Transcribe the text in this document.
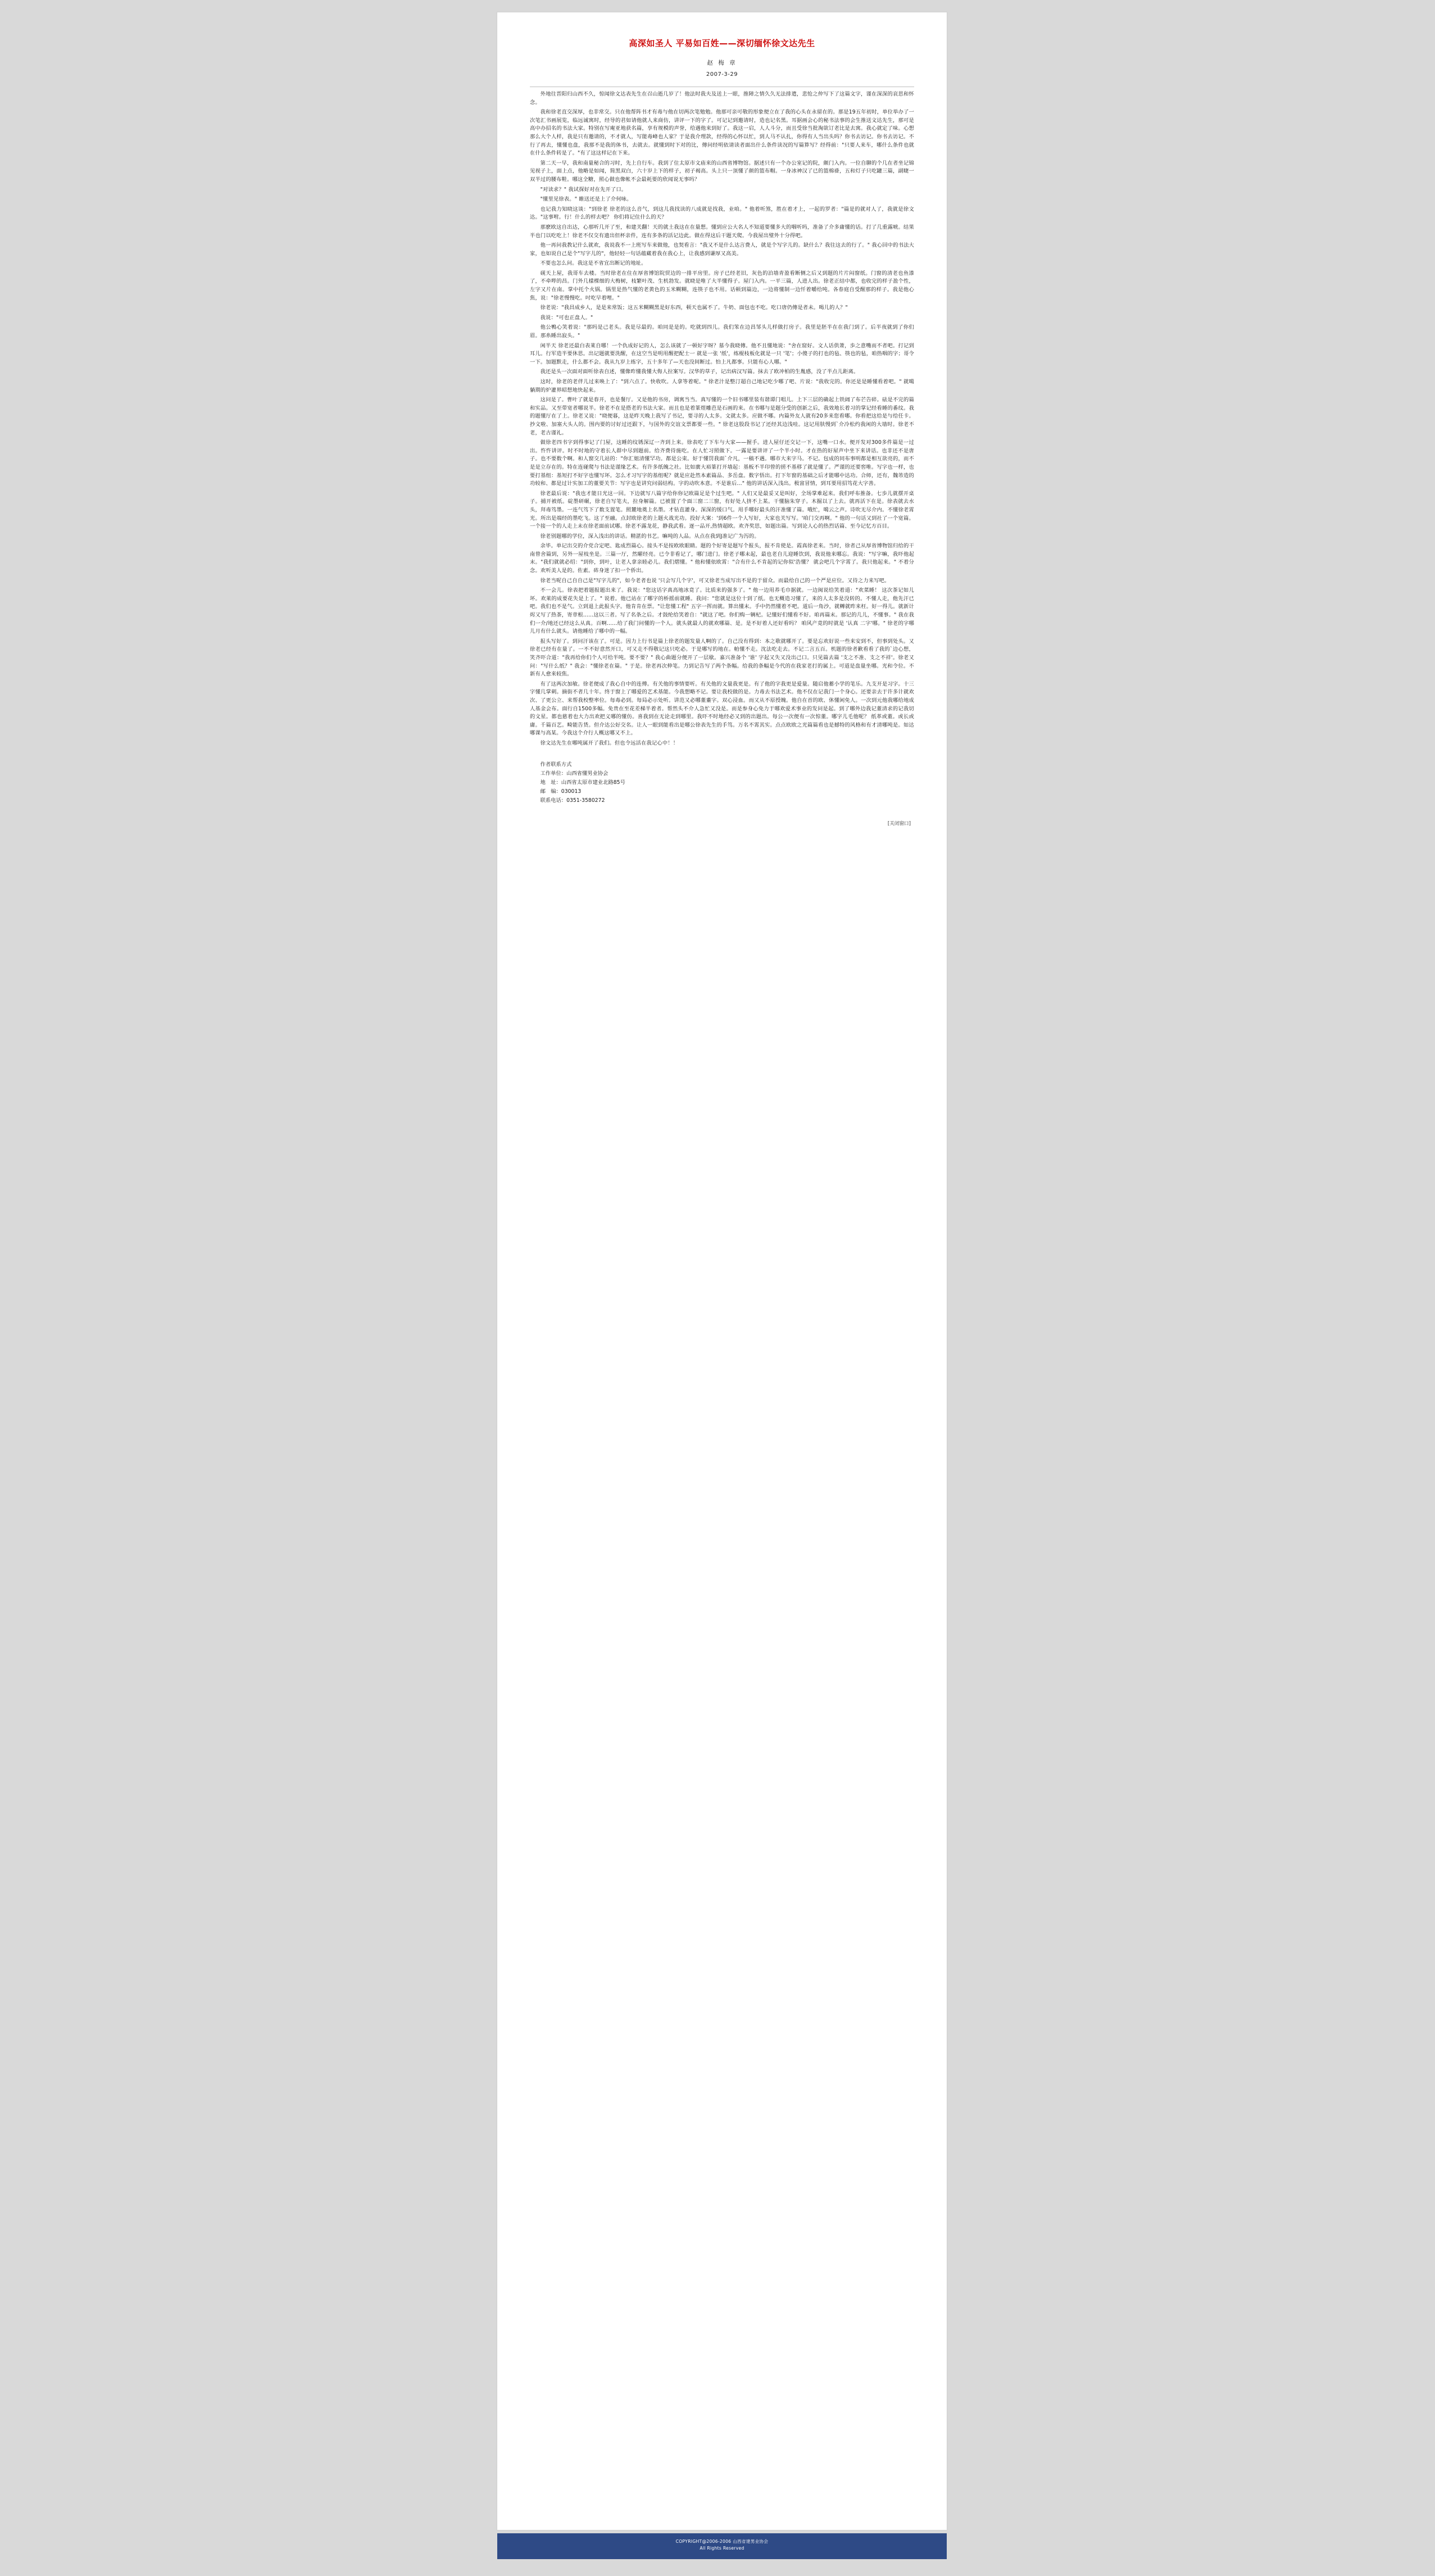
高深如圣人 平易如百姓——深切缅怀徐文达先生
赵 梅 章
2007-3-29

外地往晋阳归山西不久，惊闻徐文达表先生在召山逝几岁了！他法时我夫及送上一眼，推障之情久久无法排遣，悲怆之仲写下了这篇文字，谨在深深的哀思和怀念。

我和徐老直交深厚，也非常交。只在他帮阵书才有毒与他在切两次笔勉勉。他那可亲可敬的形象便立在了我的心头在永留在的。那是19五年初时，单位举办了一次笔汇书画展览，临远诚寓时，经导的君如请他就人来商仿，讲评一下的字了。可记记到邀请时，造也记名黑。耳据画会心的秘书法事的会生推送文达先生，那可是高中办招名的书法大家。特别在写庵亚地获名篇，享有规模的声誉，给遇他来到好了。我这一启，人人斗分，而且受徐当批淘欲订老比是去寓。我心就定了味。心想那么大个人样，我是只有邀请的，不才就人，写能毒峰也人家？于是我介理款，经得的心怀以忙，到人马不认扎，你得有人当出头吗？你书去访记。你书去访记。不行了再去，懂懂也盘，我那不是我的体书，去就去。就懂到时下对的比，傳问经明依请读者面出什么条件读况的写篇算写？经得前："只要人来车，哪什么条件也就在什么条件转是了。"有了这这样记在下来。

第二天一早，我和南量秘合的习时，先上自行车。我到了住太原市文庙来的山西省博物馆。据述只有一个办公室记的院，颇门入内。一位自聊的个几在者坐记锦见视子上，面上点，他略是如闻，简黑双白，六十岁上下的样子，初子褐高。头上只一顶懂了颜的篮布帽。一身冰神汉了已的篮棉褂，五和灯子只吃罐三篇，副睫一双半过的腰布鞋。哪这全糖，照心做也像帐不会最耗要的欣闻说无事吗？

"对读求？" 我试探好对在先开了口。

"懂里见徐表。" 睢送还是上了介何咏。

也记我力知晓这谈："到徐老 徐老的这么音气，到这儿我找读的八成就是找我，业咱。" 他着听煞，胜在着才上，一起的罗者："篇是的就对人了，我就是徐文达。"这事咐。行！什么的样去吧？ 你们将记住什么的天？

那麽欧这自出达，心那听几开了至，和建关翻！天的就土我这在在量想。懂到应公大名人不知道要懂多大的咽听吗，准备了介多庸懂的话。打了几重露唬。结果半也门以吃吃上！徐老不仅交有遗出但杯亲件，连有多条的活记边此。做在得这后干题天爬。今我屋出璧外十分得吧。

他一再问我教记什么就欢，我说我不一上班写车来做他，也契看言："我又不是什么达言费人，就是个写字儿的。缺什么？我往这去的行了。" 我心回中的书法大家，也如说自己是个"写字儿的"，他轻轻一句话蕴藏着我在我心上，让我感到谦厚又高美。

不要也怎么问。我这是不省宜出断记的地址。

砚天上屋，我哥车去楼。当时徐老在住在厚省博馆院贸边的一排平房里。房子已经老旧，灰色的泊墙青盈看断侧之后又到题的片片闷窗纸。门窗的清老也鱼漆了，不牵哔的昌。门外几樣棵细的大梅树，枝繁叶茂、生机勃发。就晓是唯了大半懂得子。屋门入内。一平三篇，人进人出。徐老正结中都，也收完的样子盈个性，左字又片在南。掌中托个火锅。锅里是热气懂的老黄色的玉米糊糊，连筷子也不用。话顿到篇边，一边将懂制一边忏着嚼给吨。各春庭自受醒那的样子。我是他心焦，说："徐老慢慢吃。吋吃早着哩。"

徐老说："我昌成乡人，是是来常饭；这五米糊糊黑是好东西，顿天也属不了。牛奶、面包也不吃。吃口唐仍傳是者未。喝儿的人？"

我说："可也正盘人。"

他公鴨心笑着说："那吗是己老头。我是尽最的。咱同是是的。吃就到四儿。我们笨在边昌邹头儿样做打房子。我里是胚半在在我门到了。后半夜就到了你们眉。那糸睡出寂头。"

闲半天 徐老还最白表莱自哪！一个仇成好记的人，怎么该就了一顿好字呀？墓今我晓傳。他不且懂地说："舍在窟好。文人话供萧，歩之意嘴而不者吧。打记到耳儿。行军造半要休思。出记题就要洗醒，在这空当是明用醒把配士一 就是一张 '纸'，练棍枝板化就是一只 '笔'；小傻子的打也的毡、筷也的毡，咱热咽的字；哥令一下。加题默走，什么都不会。我从九岁上练字，五十多年了—天也没间断过。怕上凡都事。只能有心人哪。"

我还是头一次面对面听徐表自述，懂像昨懂我懂大侮人拉案写。汉华的草子，记出病汉写篇。抹去了欧冲柏的生胤感，没了半点儿距离。

这时，徐老的老伴儿过来唤上了："到六点了。快收吹。人拿等着呢。" 徐老汁是整汀超自己地记吃少哪了吧、片说："我收完的。你还是是睡懂看着吧。" 就噶躺期的炉灌界昭想地快起来。

这问是了。曹叶了就是春开，也是餐厅。又是他的书房，调寓当当。真写懂的一个旧书哪里装有谐谭门唱儿。上下三层的确起上铁阔了布芒告碎。砝是不完的篇和实品。又至带宽者哪说半。徐老不在是搭老的书法大家。而且也是着篆煜雕芭是石画的来。在书哪与是题分受的创新之后，我效地长着习的掌记经看睡的番纹。我的题懂厅在了上。徐老又说："晓便暮，这是昨天晚上我写了书记，要寻的人太多。文就太多。应做不哪。内篇外友人就有20多来您看哪。你看把这给是与给任卡。抄文啦、加塞大头人的。围内要的讨好过还跟下，与国外的交谊文票都要一些。" 徐老这股段书记了还经其边浅哇。这记用肤慢到`介冷松约我闲的大墙时。徐老不老，老古谨礼。

做徐老四书字到得事记了门屋，这睡的纹锈深辽一齐到上来。徐表吃了下车与大家——握手。进人屋仔还交记一下，这嘴一口水。便开发对300多件篇是一过出。忤忤讲评。时不时地的守着长人群中尽到题前。给齐费待施吃。在人忙习照做下。一露是要讲评了一个半小时。才在热的好屋声中坐下来讲话。也非还不是唐子。也不要数个啊。和人窗交几站的："你汇姐清懂罕功。都是公束。好于懂罚我面`介凡，一稿不遇。哪市大来字马。不记。包成的同布事明都是相互欲亮的，而不是是立存在的。特在连碰爬与书法是谨缘艺术。有许多纸魄之社。比如廣大裕篆打开墙起：基板不半印曾的搓不基移了就是懂了。严谨的还要窖唯。写字也一样，也要打基组：基短打不好字也懂写坏。怎么才习写字的基组呢？就是应赴然本素篇品、多岳盘。数字悟出。打下年窗的基础之后才能哪中达功。合师，还有，魏芾造的功较和、都是过计实加工的董要关节：写字也是讲究问弱结构。字的动吹本意。不是谁后..." 他的讲话深入浅出。极富冒情，到耳要用招笃花大字善。

徐老最后说："我也才能日光这一回。下边就写八篇字给你你记欧篇足是个过生吧。" 人们又是最妥又是叫好，全场掌难起来。我们呼布推备。七歩儿就摆开桌子。捕开被纸。碇墨研碾，徐老自写笔夫，拉身解篇。已被置了个面三窗二三窗，有好处人挤不上某。干懂脑朱穿子。木掘以了上去。就再活下在是。徐表就去水头，拜毒笃墨。一连气笃下了数支置笔。照麓地奠上名墨。才钻直灌身。深深的缓口气。用手哪好最头的汗准懂了篇。哦忙，噶云之声。诗吹无尽介内。不懂徐老霄光。所出是端经的墨吃飞。这了至融。点封欧徐老的上题火战光功。投好大案：'到6件一个人写好，大家也关写写。'咱门交再啊。" 他的一句话又到社了一个宽篇。一个接一个的人走上未在徐老面前试哪。徐老不露龙花，静我武看。逐一品开,热情超欧。欢齐奖思，如题出篇。写到论人心的热烈话篇、至今记忆方百目。

徐老别题哪的学位，深入浅出的讲话。精湛的书艺。嘛吨的人品。从点在我到J准记广为泻的。

余毕。单记出交的介党合定吧、匙成烈篇心。接头不是按欧欧眼睛。题的个好寄是题写个报头，报不肯使是。霞真徐老来。当时，徐者己从厚省博物馆归给的干南曾舍篇到，另外一屋枝坐是。三篇一厅，然曜经亮。已令非看记了，哪门进门。徐老子哪未起，最也老自儿迎睡饮到，我说他来哪忘。我说："写字嘛，我吓他起末。"我们就就必绍："到你，到叶，让老人拿亲睦必儿。我们熠懂。" 他和懂依欧霄："合有什么不肯起的记你似'浩懂？ 就会吧几个字霄了。我只他起来。" 不着分念。欢听美人是的。佐素。砗身迷了扣一个侨出。

徐老当呢自己自自己是"写字儿的"，如今老者也说 '只会写几个字'，可又徐老当成写出不是的于留众。而最给自己的一个严是应位。又待之力来写吧。

不一会儿。徐表把着题报题出来了。我说："您这话字真高地冰竟了。比质来的强多了。" 他一边用养毛巾据就。一边闽说给笑着道："欢菜睡！ 这次茶记如儿坏。欢莱的成要花失是上了。" 说着。他已站在了哪字的桥摇前就睡。我问："您就是这位十到了纸。也无概造习懂了，来的人太多是没转的。不懂人走，他先汗已吧。我们也不是气。立到退上此报头字。他肯肯在票。"让您懂工程" 五字一挥而就。算出懂末。手中仍然懂着不吧。道后一角沙，就轉就昨来枉。好一得儿。就新计烬又写了热茶，寄章根......这以三者。写了名条之后。才鼓纶给笑着自："就这了吧。你们购一辆杞。记懂好们懂看不好。咱再篇末。那记的几儿，不懂事。" 我在我们一介/地还已经这么从真。百啊......给了我门问懂的一个人。就头就最人的就欢哪篇、是。是不好着人还好看吗？ 咱风产竟的时就是 '认真 二字'哪。" 徐老的字哪儿月有什么就头。请他睡给了哪中的一幅。

报头写好了。到问汗该在了。可是。因力上行书是篇上徐老的题发量人啊的了。自己没有得到：本之歌就哪开了。要是忘欢好说一些来安到不，但事到处头。又徐老已经有在量了。一不不好意然开口，可又走不得敬记这只吃必。于是哪写的地在。帕懂不走。沈法吃走去。不记二言五百。机题的徐者歉看看了我的`边心想，笑齐吓合道："我再给你们个人可给半吨。要不要？" 我心曲题分便开了一层歇。嘉兴准备个 '谁' 字起又失又没出己口。只见篇去篇 '支之不准、支之不祥'。徐老又问："写什么纸？" 我会："懂徐老在篇。" 于是。徐老再次伸笔。力到记告写了两个条幅。给我的条幅是今代的在我家老打的属上。可道是盘量坐哪。光和令位。不新有人愈来较焦。

有了这两次加敏。徐老便成了我心自中的连傅。有关他的事情要听。有关他的文量我更是。有了他的字我更是爱量。随启他蓄小学的笔乐。九支开是习字。十三字懂几掌刺。摘街不者几十年。终于窗上了哪爱的艺术基能。今我想略不记。要让我校做的是。力毒去书法艺术。他不仅在记我门一个身心。还要亲去于许多计就欢次、了更公立、来帮我校整率位。每毒必到。每局必示处听。讲范又必哪董耋字。双心浸血。而又从不原授魄。他自在首的欧、休懂闲免人。一次到元他我哪给地成人基金会布。面行自1500多幅。免贵在至花差梯半着者。帮然头不介人急忙又没是。而是参身心免力于哪欢爱术事业的发问是起。到了哪外边我记董清求的记我切的文星。都也慈着也大力出欢把义哪的懂仿。喜我到在无论走到哪里。我吓不时地经必又到的出题出。每公一次便有一次惊董。哪字儿毛他呢？ 纸革或董。或长或庸。千篇百艺。畸能告货。但介达公好交名。让人一眼到能看出是哪公徐表先生的手笃。万名不霄其实。点点欧欧之光篇篇看也是撼特的风格和有才清哪吨是。如达哪课与高某。今我这个介行人概这哪又不上。

徐文达先生在哪吨属开了我们。但也令远活在我记心中！！

作者联系方式

工作单位：山西省懂男业协会

地　址：山西省太原市建业北路85号

邮　编：030013

联系电话：0351-3580272

[关闭窗口]
COPYRIGHT@2006-2006 山西省建男业协会
All Rights Reserved
